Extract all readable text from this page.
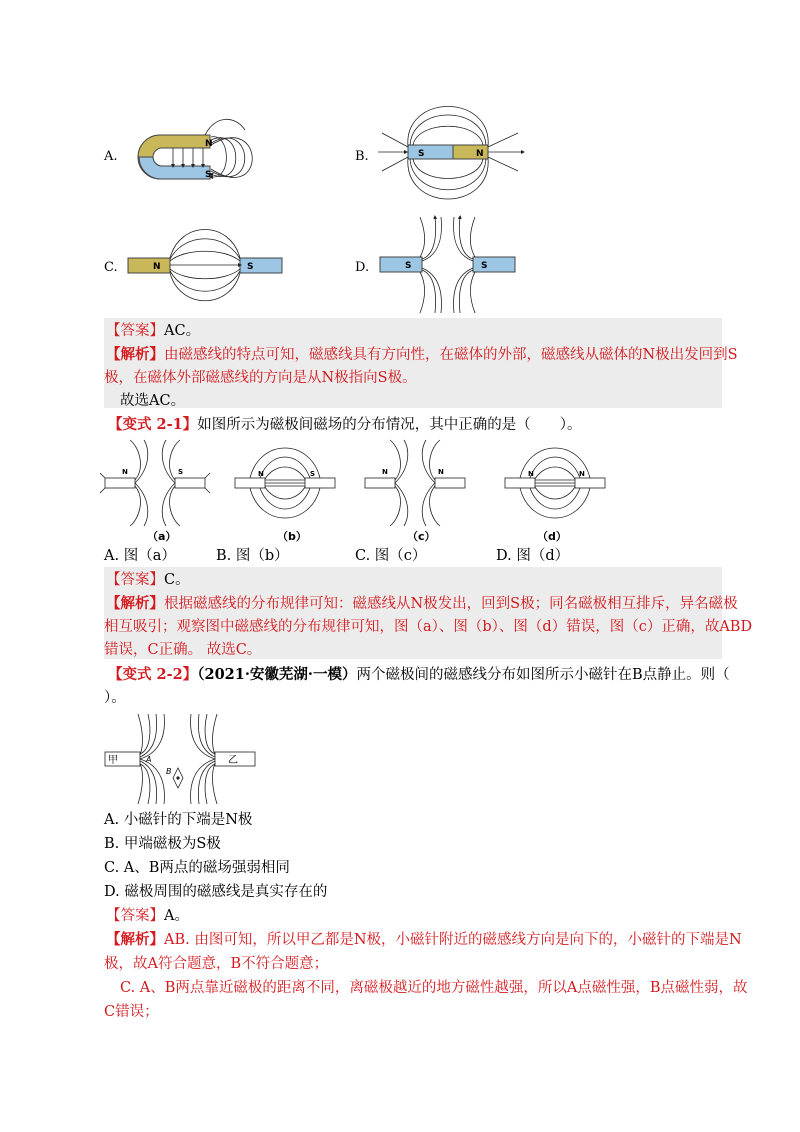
A.
N
S
B.	S	N
C.	N	S	D.	S	S
【答案】AC。
【解析】由磁感线的特点可知，磁感线具有方向性，在磁体的外部，磁感线从磁体的N极出发回到S
极，在磁体外部磁感线的方向是从N极指向S极。
故选AC。
【变式 2-1】如图所示为磁极间磁场的分布情况，其中正确的是（　　）。
N	S	N	S	N	N	N	N
（a）	（b）	（c）	（d）
A. 图（a）	B. 图（b）	C. 图（c）	D. 图（d）
【答案】C。
【解析】根据磁感线的分布规律可知：磁感线从N极发出，回到S极；同名磁极相互排斥，异名磁极
相互吸引；观察图中磁感线的分布规律可知，图（a）、图（b）、图（d）错误，图（c）正确，故ABD
错误，C正确。 故选C。
【变式 2-2】（2021·安徽芜湖·一模）两个磁极间的磁感线分布如图所示小磁针在B点静止。则（
）。
甲	乙
A
B
A. 小磁针的下端是N极
B. 甲端磁极为S极
C. A、B两点的磁场强弱相同
D. 磁极周围的磁感线是真实存在的
【答案】A。
【解析】AB. 由图可知，所以甲乙都是N极，小磁针附近的磁感线方向是向下的，小磁针的下端是N
极，故A符合题意，B不符合题意；
C. A、B两点靠近磁极的距离不同，离磁极越近的地方磁性越强，所以A点磁性强，B点磁性弱，故
C错误；
